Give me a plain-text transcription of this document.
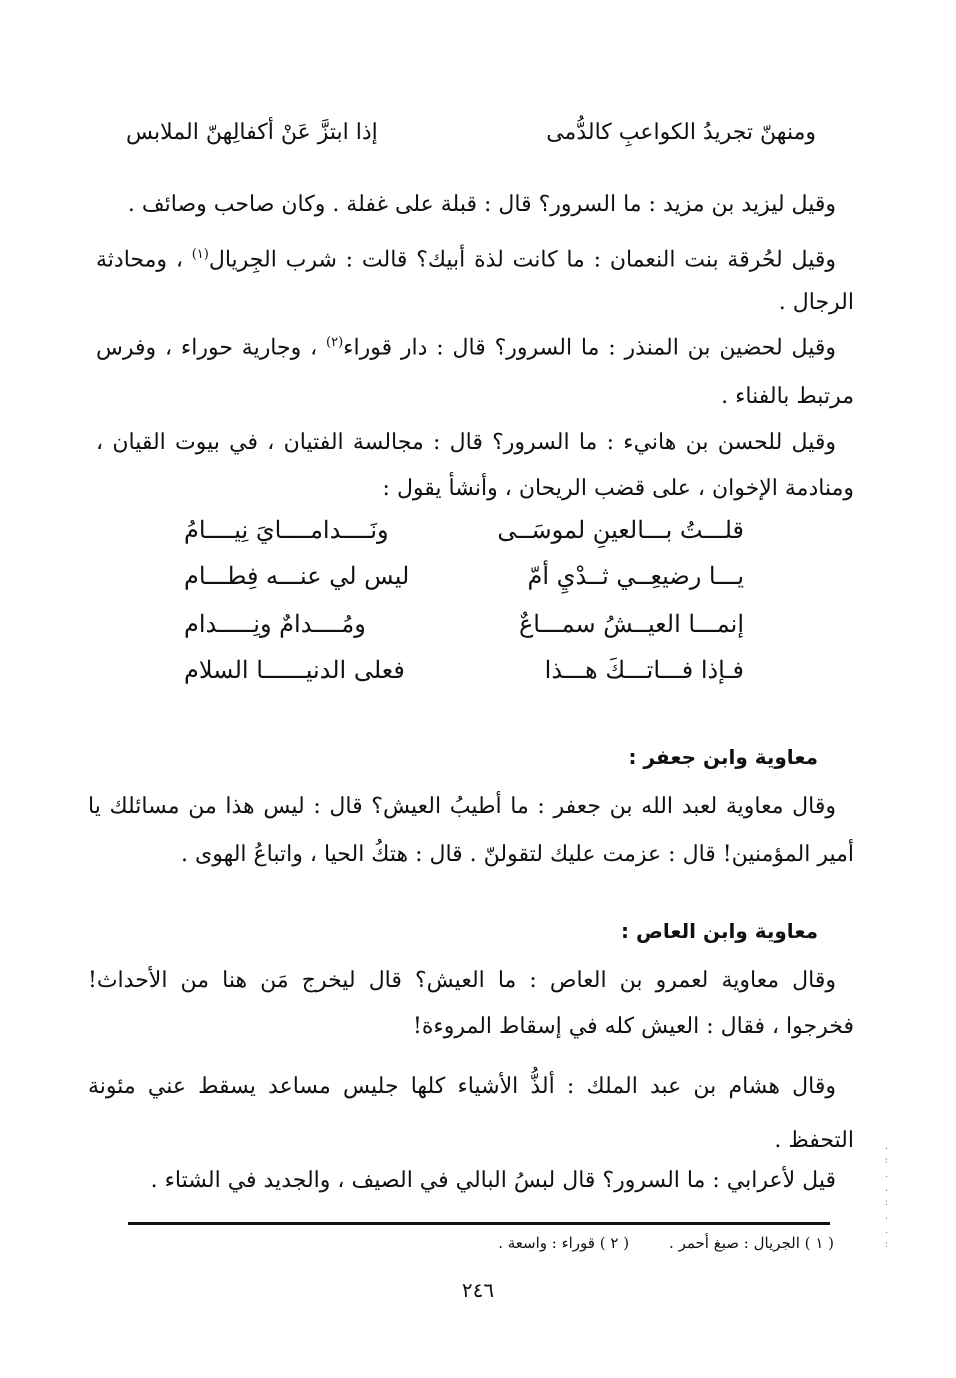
ومنهنّ تجريدُ الكواعبِ كالدُّمى
إذا ابتزَّ عَنْ أكفالِهنّ الملابس
وقيل ليزيد بن مزيد : ما السرور؟ قال : قبلة على غفلة . وكان صاحب وصائف .
وقيل لحُرقة بنت النعمان : ما كانت لذة أبيك؟ قالت : شرب الجِريال$^{(١)}$ ، ومحادثة
الرجال .
وقيل لحضين بن المنذر : ما السرور؟ قال : دار قوراء$^{(٢)}$ ، وجارية حوراء ، وفرس
مرتبط بالفناء .
وقيل للحسن بن هانيء : ما السرور؟ قال : مجالسة الفتيان ، في بيوت القيان ،
ومنادمة الإخوان ، على قضب الريحان ، وأنشأ يقول :
قلـــتُ بـــالعينِ لموسَــى
ونَــــدامــــايَ نِيــــامُ
يـــا رضيعِــي ثــدْيِ أمّ
ليس لي عنـــه فِطـــام
إنمـــا العيــشُ سمـــاعٌ
ومُــــدامٌ ونِـــــدام
فـإذا فـــاتـــكَ هـــذا
فعلى الدنيــــــا السلام
معاوية وابن جعفر :
وقال معاوية لعبد الله بن جعفر : ما أطيبُ العيش؟ قال : ليس هذا من مسائلك يا
أمير المؤمنين! قال : عزمت عليك لتقولنّ . قال : هتكُ الحيا ، واتباعُ الهوى .
معاوية وابن العاص :
وقال معاوية لعمرو بن العاص : ما العيش؟ قال ليخرج مَن هنا من الأحداث!
فخرجوا ، فقال : العيش كله في إسقاط المروءة!
وقال هشام بن عبد الملك : ألذُّ الأشياء كلها جليس مساعد يسقط عني مئونة
التحفظ .
قيل لأعرابي : ما السرور؟ قال لبسُ البالي في الصيف ، والجديد في الشتاء .
( ١ ) الجريال : صبغ أحمر .( ٢ ) قوراء : واسعة .
٢٤٦
.
:
.
.
:
.
.
:
